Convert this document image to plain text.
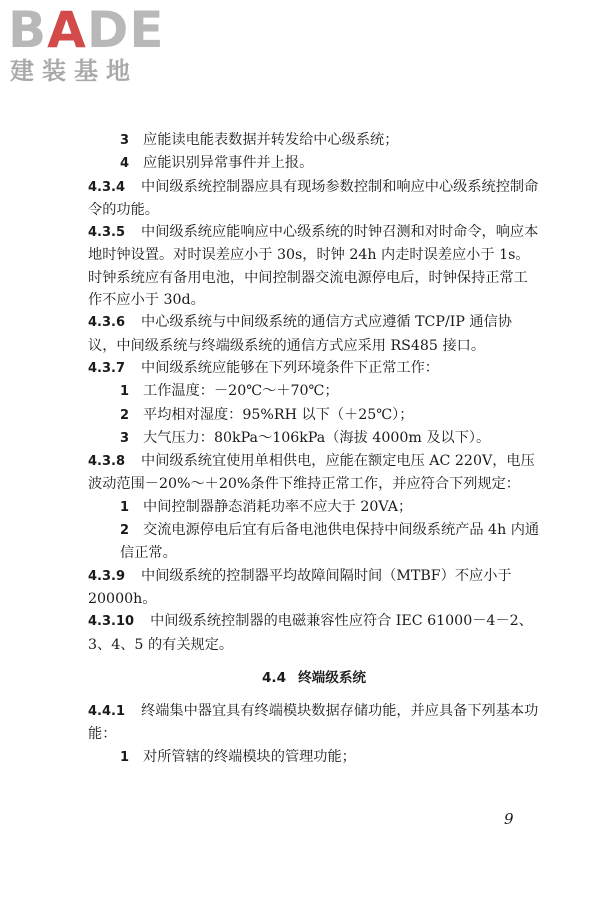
BADE
建装基地
3 应能读电能表数据并转发给中心级系统；
4 应能识别异常事件并上报。
4.3.4 中间级系统控制器应具有现场参数控制和响应中心级系统控制命令的功能。
4.3.5 中间级系统应能响应中心级系统的时钟召测和对时命令，响应本地时钟设置。对时误差应小于 30s，时钟 24h 内走时误差应小于 1s。时钟系统应有备用电池，中间控制器交流电源停电后，时钟保持正常工作不应小于 30d。
4.3.6 中心级系统与中间级系统的通信方式应遵循 TCP/IP 通信协议，中间级系统与终端级系统的通信方式应采用 RS485 接口。
4.3.7 中间级系统应能够在下列环境条件下正常工作：
1 工作温度：－20℃～＋70℃；
2 平均相对湿度：95%RH 以下（＋25℃）；
3 大气压力：80kPa～106kPa（海拔 4000m 及以下）。
4.3.8 中间级系统宜使用单相供电，应能在额定电压 AC 220V，电压波动范围－20%～＋20%条件下维持正常工作，并应符合下列规定：
1 中间控制器静态消耗功率不应大于 20VA；
2 交流电源停电后宜有后备电池供电保持中间级系统产品 4h 内通信正常。
4.3.9 中间级系统的控制器平均故障间隔时间（MTBF）不应小于 20000h。
4.3.10 中间级系统控制器的电磁兼容性应符合 IEC 61000－4－2、3、4、5 的有关规定。
4.4 终端级系统
4.4.1 终端集中器宜具有终端模块数据存储功能，并应具备下列基本功能：
1 对所管辖的终端模块的管理功能；
9
